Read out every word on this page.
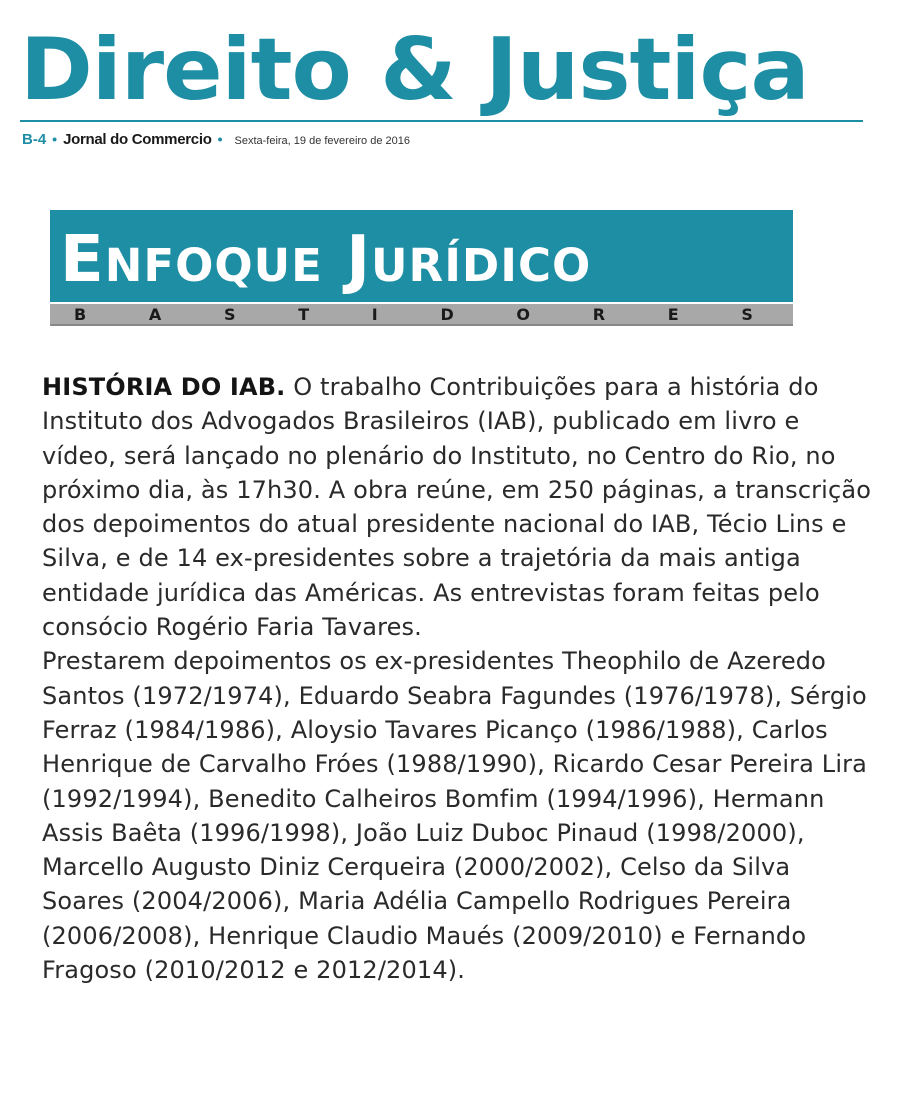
Direito & Justiça
B-4 • Jornal do Commercio • Sexta-feira, 19 de fevereiro de 2016
Enfoque Jurídico
B	A	S	T	I	D	O	R	E	S

HISTÓRIA DO IAB. O trabalho Contribuições para a história do Instituto dos Advogados Brasileiros (IAB), publicado em livro e vídeo, será lançado no plenário do Instituto, no Centro do Rio, no próximo dia, às 17h30. A obra reúne, em 250 páginas, a transcrição dos depoimentos do atual presidente nacional do IAB, Técio Lins e Silva, e de 14 ex-presidentes sobre a trajetória da mais antiga entidade jurídica das Américas. As entrevistas foram feitas pelo consócio Rogério Faria Tavares.

Prestarem depoimentos os ex-presidentes Theophilo de Azeredo Santos (1972/1974), Eduardo Seabra Fagundes (1976/1978), Sérgio Ferraz (1984/1986), Aloysio Tavares Picanço (1986/1988), Carlos Henrique de Carvalho Fróes (1988/1990), Ricardo Cesar Pereira Lira (1992/1994), Benedito Calheiros Bomfim (1994/1996), Hermann Assis Baêta (1996/1998), João Luiz Duboc Pinaud (1998/2000), Marcello Augusto Diniz Cerqueira (2000/2002), Celso da Silva Soares (2004/2006), Maria Adélia Campello Rodrigues Pereira (2006/2008), Henrique Claudio Maués (2009/2010) e Fernando Fragoso (2010/2012 e 2012/2014).
